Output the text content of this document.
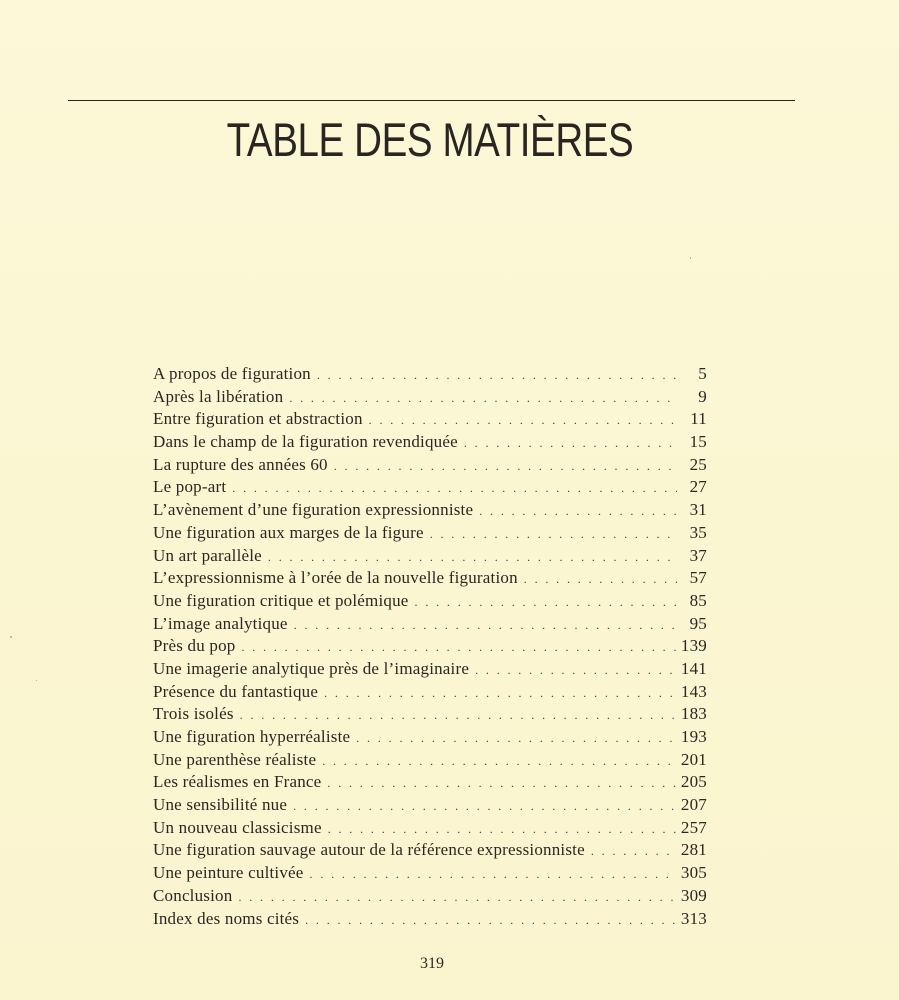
TABLE DES MATIÈRES
A propos de figuration . . .	5
Après la libération . . .	9
Entre figuration et abstraction . . .	11
Dans le champ de la figuration revendiquée . . .	15
La rupture des années 60 . . .	25
Le pop-art . . .	27
L’avènement d’une figuration expressionniste . . .	31
Une figuration aux marges de la figure . . .	35
Un art parallèle . . .	37
L’expressionnisme à l’orée de la nouvelle figuration . . .	57
Une figuration critique et polémique . . .	85
L’image analytique . . .	95
Près du pop . . .	139
Une imagerie analytique près de l’imaginaire . . .	141
Présence du fantastique . . .	143
Trois isolés . . .	183
Une figuration hyperréaliste . . .	193
Une parenthèse réaliste . . .	201
Les réalismes en France . . .	205
Une sensibilité nue . . .	207
Un nouveau classicisme . . .	257
Une figuration sauvage autour de la référence expressionniste . . .	281
Une peinture cultivée . . .	305
Conclusion . . .	309
Index des noms cités . . .	313
319
